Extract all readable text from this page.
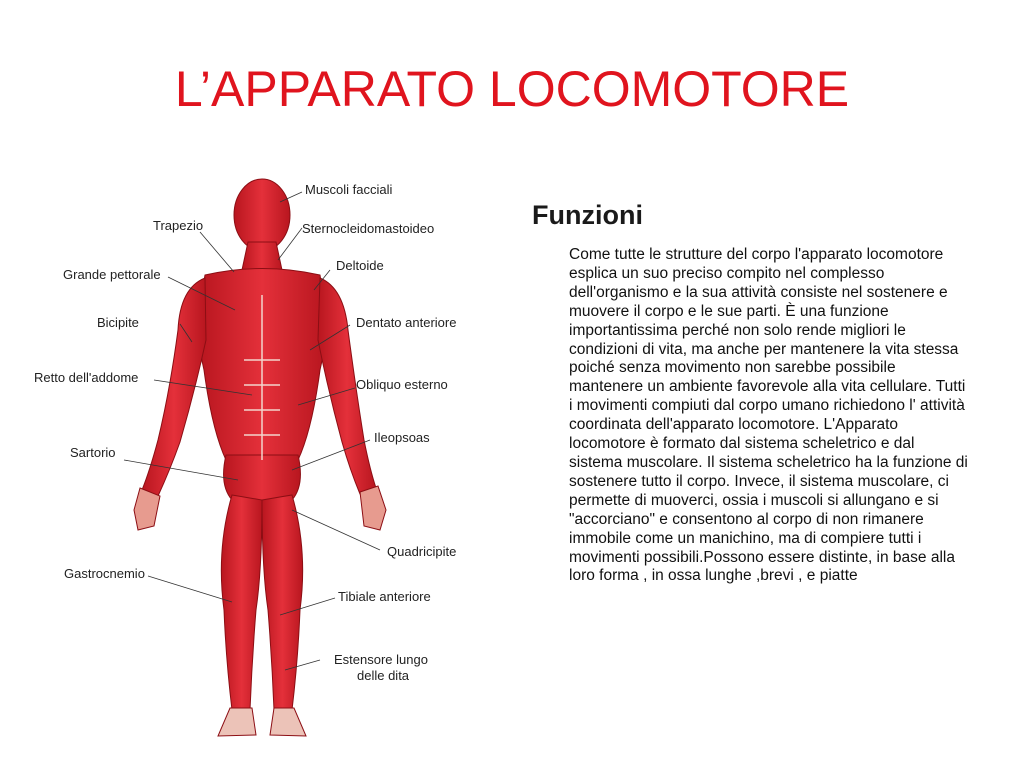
L’APPARATO LOCOMOTORE
Muscoli facciali
Trapezio	Sternocleidomastoideo
Deltoide
Grande pettorale
Bicipite	Dentato anteriore
Retto dell'addome	Obliquo esterno
Ileopsoas
Sartorio
Quadricipite
Gastrocnemio
Tibiale anteriore
Estensore lungo
delle dita
Funzioni
Come tutte le strutture del corpo l'apparato locomotore esplica un suo preciso compito nel complesso dell'organismo e la sua attività consiste nel sostenere e muovere il corpo e le sue parti. È una funzione importantissima perché non solo rende migliori le condizioni di vita, ma anche per mantenere la vita stessa poiché senza movimento non sarebbe possibile mantenere un ambiente favorevole alla vita cellulare. Tutti i movimenti compiuti dal corpo umano richiedono l' attività coordinata dell'apparato locomotore. L'Apparato locomotore è formato dal sistema scheletrico e dal sistema muscolare. Il sistema scheletrico ha la funzione di sostenere tutto il corpo. Invece, il sistema muscolare, ci permette di muoverci, ossia i muscoli si allungano e si "accorciano" e consentono al corpo di non rimanere immobile come un manichino, ma di compiere tutti i movimenti possibili.Possono essere distinte, in base alla loro forma , in ossa lunghe ,brevi , e piatte
